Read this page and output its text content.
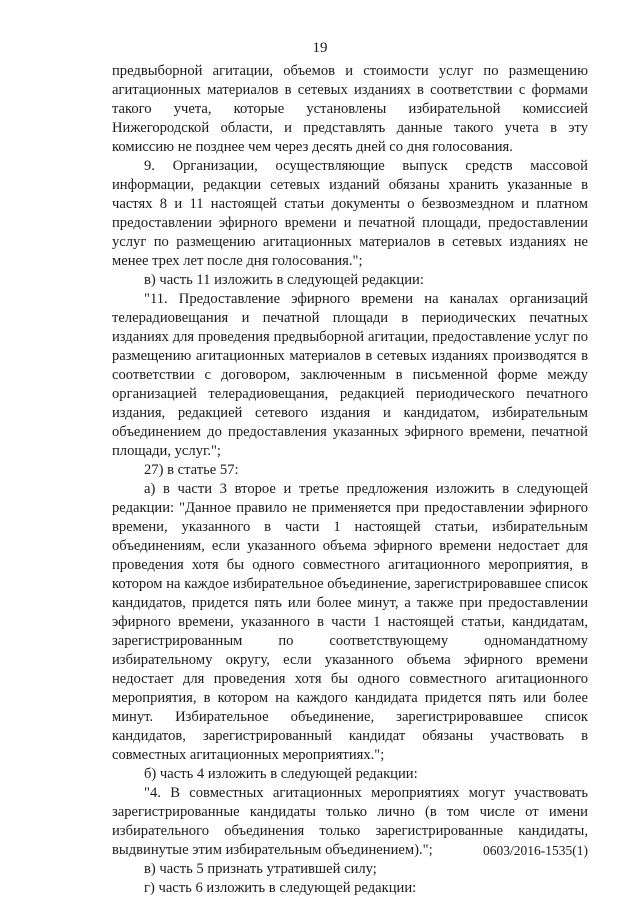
19

предвыборной агитации, объемов и стоимости услуг по размещению агитационных материалов в сетевых изданиях в соответствии с формами такого учета, которые установлены избирательной комиссией Нижегородской области, и представлять данные такого учета в эту комиссию не позднее чем через десять дней со дня голосования.

9. Организации, осуществляющие выпуск средств массовой информации, редакции сетевых изданий обязаны хранить указанные в частях 8 и 11 настоящей статьи документы о безвозмездном и платном предоставлении эфирного времени и печатной площади, предоставлении услуг по размещению агитационных материалов в сетевых изданиях не менее трех лет после дня голосования.";

в) часть 11 изложить в следующей редакции:

"11. Предоставление эфирного времени на каналах организаций телерадиовещания и печатной площади в периодических печатных изданиях для проведения предвыборной агитации, предоставление услуг по размещению агитационных материалов в сетевых изданиях производятся в соответствии с договором, заключенным в письменной форме между организацией телерадиовещания, редакцией периодического печатного издания, редакцией сетевого издания и кандидатом, избирательным объединением до предоставления указанных эфирного времени, печатной площади, услуг.";

27) в статье 57:

а) в части 3 второе и третье предложения изложить в следующей редакции: "Данное правило не применяется при предоставлении эфирного времени, указанного в части 1 настоящей статьи, избирательным объединениям, если указанного объема эфирного времени недостает для проведения хотя бы одного совместного агитационного мероприятия, в котором на каждое избирательное объединение, зарегистрировавшее список кандидатов, придется пять или более минут, а также при предоставлении эфирного времени, указанного в части 1 настоящей статьи, кандидатам, зарегистрированным по соответствующему одномандатному избирательному округу, если указанного объема эфирного времени недостает для проведения хотя бы одного совместного агитационного мероприятия, в котором на каждого кандидата придется пять или более минут. Избирательное объединение, зарегистрировавшее список кандидатов, зарегистрированный кандидат обязаны участвовать в совместных агитационных мероприятиях.";

б) часть 4 изложить в следующей редакции:

"4. В совместных агитационных мероприятиях могут участвовать зарегистрированные кандидаты только лично (в том числе от имени избирательного объединения только зарегистрированные кандидаты, выдвинутые этим избирательным объединением).";

в) часть 5 признать утратившей силу;

г) часть 6 изложить в следующей редакции:

0603/2016-1535(1)
